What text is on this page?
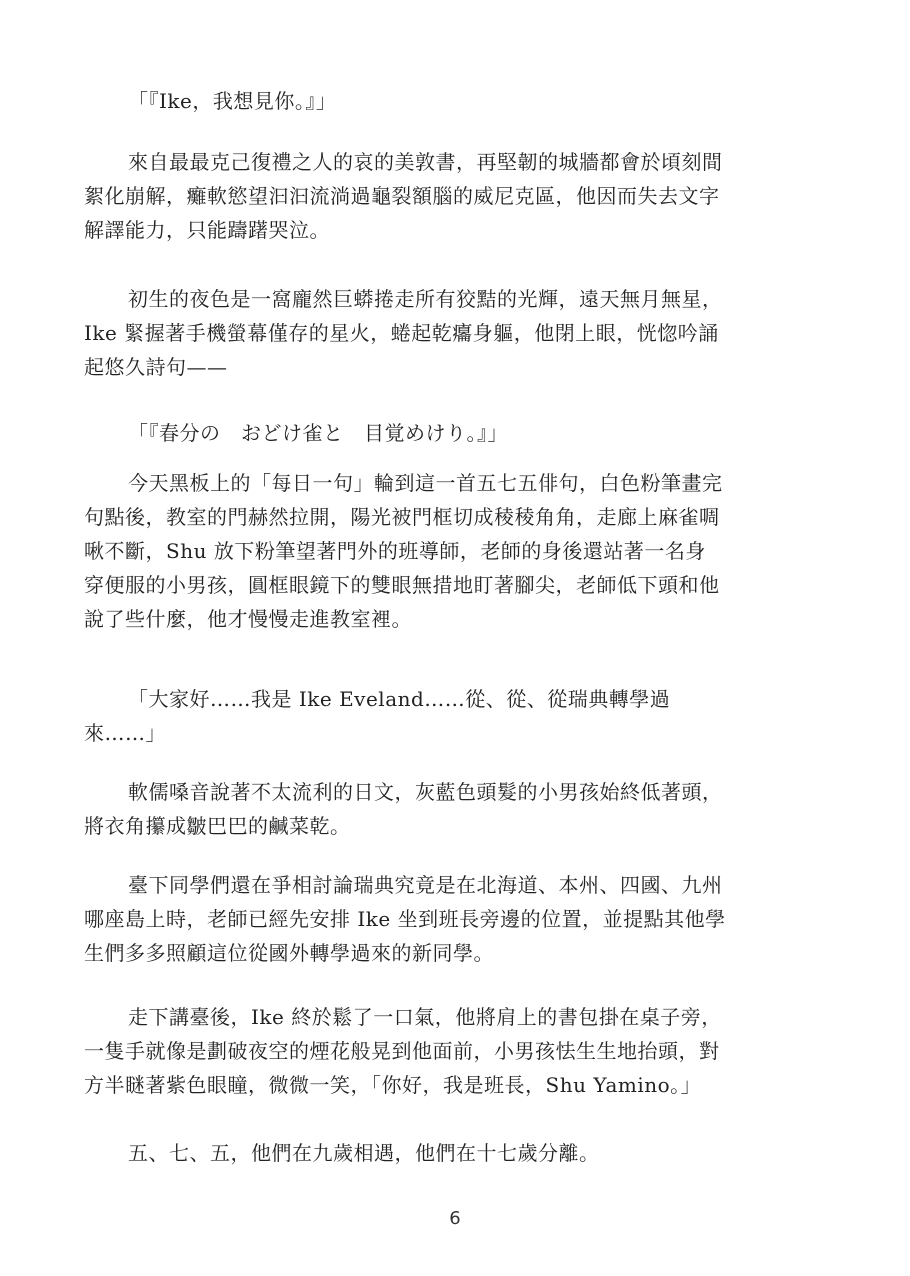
「『Ike，我想見你。』」
來自最最克己復禮之人的哀的美敦書，再堅韌的城牆都會於頃刻間
絮化崩解，癱軟慾望汩汩流淌過龜裂額腦的威尼克區，他因而失去文字
解譯能力，只能躊躇哭泣。
初生的夜色是一窩龐然巨蟒捲走所有狡黠的光輝，遠天無月無星，
Ike 緊握著手機螢幕僅存的星火，蜷起乾癟身軀，他閉上眼，恍惚吟誦
起悠久詩句——
「『春分の　おどけ雀と　目覚めけり。』」
今天黑板上的「每日一句」輪到這一首五七五俳句，白色粉筆畫完
句點後，教室的門赫然拉開，陽光被門框切成稜稜角角，走廊上麻雀啁
啾不斷，Shu 放下粉筆望著門外的班導師，老師的身後還站著一名身
穿便服的小男孩，圓框眼鏡下的雙眼無措地盯著腳尖，老師低下頭和他
說了些什麼，他才慢慢走進教室裡。
「大家好……我是 Ike Eveland……從、從、從瑞典轉學過
來……」
軟儒嗓音說著不太流利的日文，灰藍色頭髮的小男孩始終低著頭，
將衣角攥成皺巴巴的鹹菜乾。
臺下同學們還在爭相討論瑞典究竟是在北海道、本州、四國、九州
哪座島上時，老師已經先安排 Ike 坐到班長旁邊的位置，並提點其他學
生們多多照顧這位從國外轉學過來的新同學。
走下講臺後，Ike 終於鬆了一口氣，他將肩上的書包掛在桌子旁，
一隻手就像是劃破夜空的煙花般晃到他面前，小男孩怯生生地抬頭，對
方半瞇著紫色眼瞳，微微一笑，「你好，我是班長，Shu Yamino。」
五、七、五，他們在九歲相遇，他們在十七歲分離。
6
